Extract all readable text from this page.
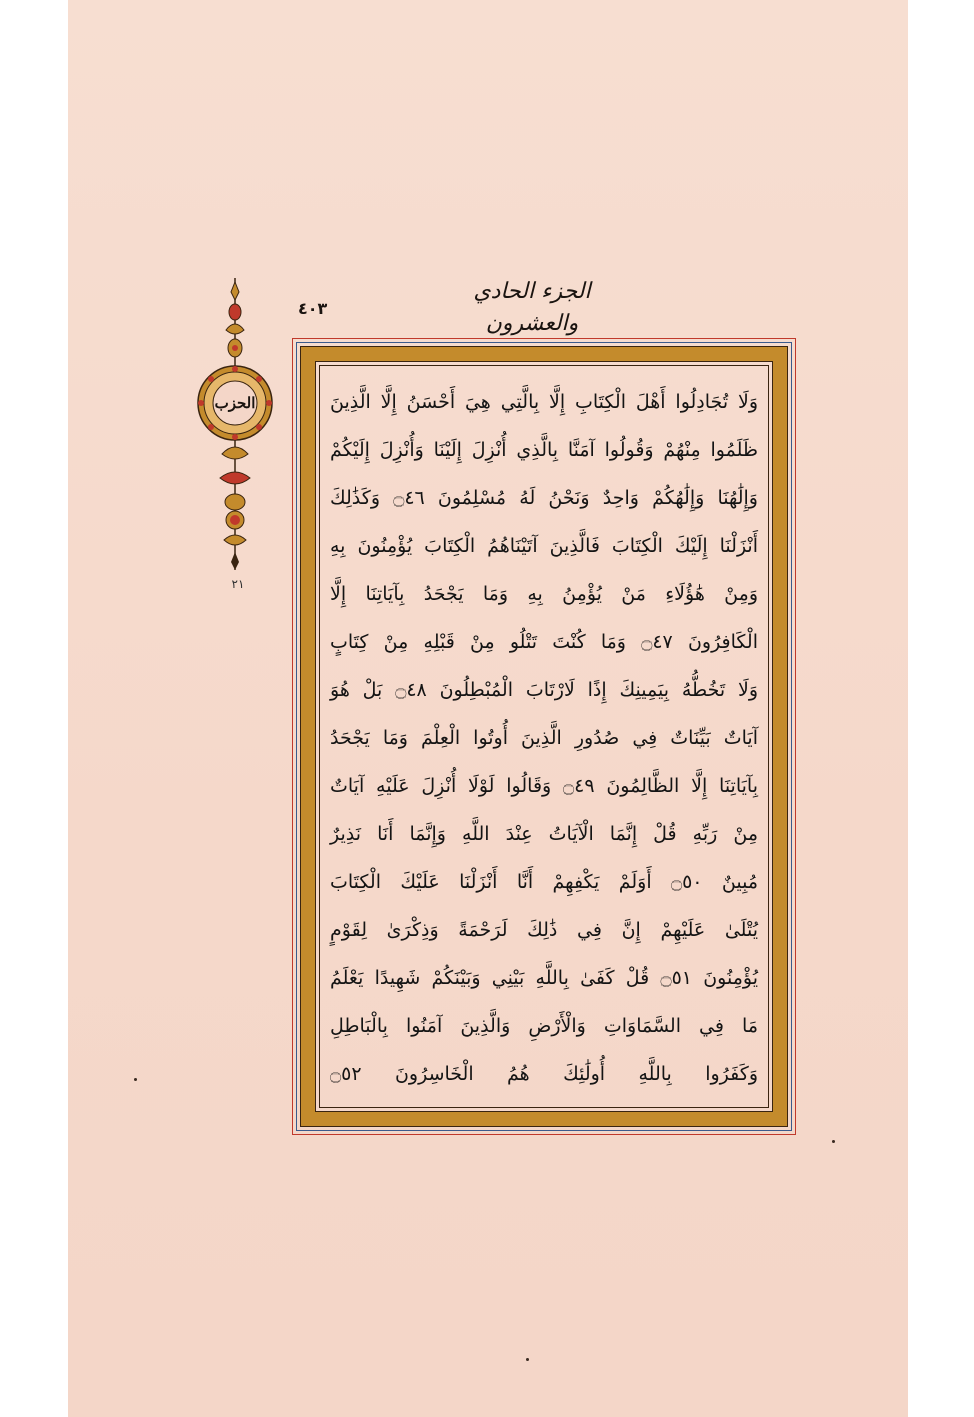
الجزء الحادي والعشرون
٤٠٣
الحزب
٢١
وَلَا تُجَادِلُوا أَهْلَ الْكِتَابِ إِلَّا بِالَّتِي هِيَ أَحْسَنُ إِلَّا الَّذِينَ
ظَلَمُوا مِنْهُمْ وَقُولُوا آمَنَّا بِالَّذِي أُنْزِلَ إِلَيْنَا وَأُنْزِلَ إِلَيْكُمْ
وَإِلَٰهُنَا وَإِلَٰهُكُمْ وَاحِدٌ وَنَحْنُ لَهُ مُسْلِمُونَ ۝٤٦ وَكَذَٰلِكَ
أَنْزَلْنَا إِلَيْكَ الْكِتَابَ فَالَّذِينَ آتَيْنَاهُمُ الْكِتَابَ يُؤْمِنُونَ بِهِ
وَمِنْ هَٰؤُلَاءِ مَنْ يُؤْمِنُ بِهِ وَمَا يَجْحَدُ بِآيَاتِنَا إِلَّا
الْكَافِرُونَ ۝٤٧ وَمَا كُنْتَ تَتْلُو مِنْ قَبْلِهِ مِنْ كِتَابٍ
وَلَا تَخُطُّهُ بِيَمِينِكَ إِذًا لَارْتَابَ الْمُبْطِلُونَ ۝٤٨ بَلْ هُوَ
آيَاتٌ بَيِّنَاتٌ فِي صُدُورِ الَّذِينَ أُوتُوا الْعِلْمَ وَمَا يَجْحَدُ
بِآيَاتِنَا إِلَّا الظَّالِمُونَ ۝٤٩ وَقَالُوا لَوْلَا أُنْزِلَ عَلَيْهِ آيَاتٌ
مِنْ رَبِّهِ قُلْ إِنَّمَا الْآيَاتُ عِنْدَ اللَّهِ وَإِنَّمَا أَنَا نَذِيرٌ
مُبِينٌ ۝٥٠ أَوَلَمْ يَكْفِهِمْ أَنَّا أَنْزَلْنَا عَلَيْكَ الْكِتَابَ
يُتْلَىٰ عَلَيْهِمْ إِنَّ فِي ذَٰلِكَ لَرَحْمَةً وَذِكْرَىٰ لِقَوْمٍ
يُؤْمِنُونَ ۝٥١ قُلْ كَفَىٰ بِاللَّهِ بَيْنِي وَبَيْنَكُمْ شَهِيدًا يَعْلَمُ
مَا فِي السَّمَاوَاتِ وَالْأَرْضِ وَالَّذِينَ آمَنُوا بِالْبَاطِلِ
وَكَفَرُوا بِاللَّهِ أُولَٰئِكَ هُمُ الْخَاسِرُونَ ۝٥٢
